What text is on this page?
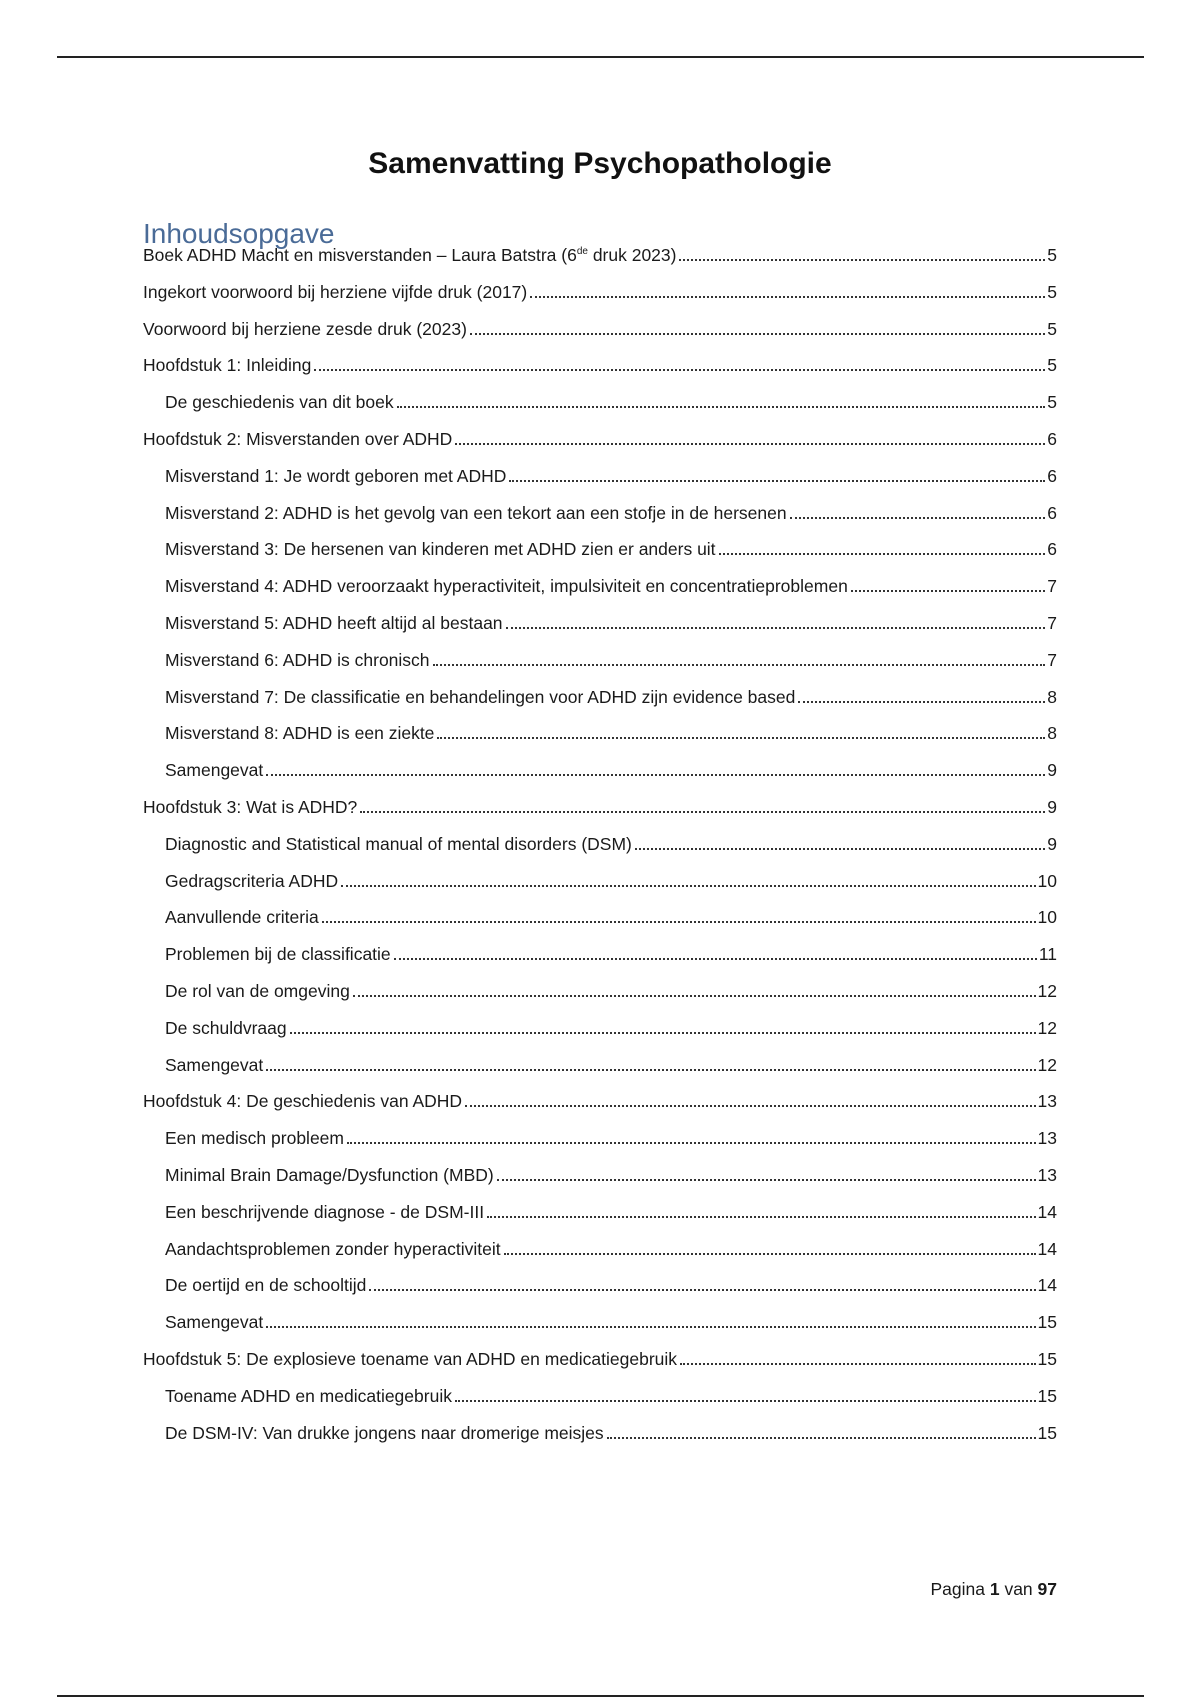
Samenvatting Psychopathologie
Inhoudsopgave
Boek ADHD Macht en misverstanden – Laura Batstra (6de druk 2023)	5
Ingekort voorwoord bij herziene vijfde druk (2017)	5
Voorwoord bij herziene zesde druk (2023)	5
Hoofdstuk 1: Inleiding	5
De geschiedenis van dit boek	5
Hoofdstuk 2: Misverstanden over ADHD	6
Misverstand 1: Je wordt geboren met ADHD	6
Misverstand 2: ADHD is het gevolg van een tekort aan een stofje in de hersenen	6
Misverstand 3: De hersenen van kinderen met ADHD zien er anders uit	6
Misverstand 4: ADHD veroorzaakt hyperactiviteit, impulsiviteit en concentratieproblemen	7
Misverstand 5: ADHD heeft altijd al bestaan	7
Misverstand 6: ADHD is chronisch	7
Misverstand 7: De classificatie en behandelingen voor ADHD zijn evidence based	8
Misverstand 8: ADHD is een ziekte	8
Samengevat	9
Hoofdstuk 3: Wat is ADHD?	9
Diagnostic and Statistical manual of mental disorders (DSM)	9
Gedragscriteria ADHD	10
Aanvullende criteria	10
Problemen bij de classificatie	11
De rol van de omgeving	12
De schuldvraag	12
Samengevat	12
Hoofdstuk 4: De geschiedenis van ADHD	13
Een medisch probleem	13
Minimal Brain Damage/Dysfunction (MBD)	13
Een beschrijvende diagnose - de DSM-III	14
Aandachtsproblemen zonder hyperactiviteit	14
De oertijd en de schooltijd	14
Samengevat	15
Hoofdstuk 5: De explosieve toename van ADHD en medicatiegebruik	15
Toename ADHD en medicatiegebruik	15
De DSM-IV: Van drukke jongens naar dromerige meisjes	15
Pagina 1 van 97
